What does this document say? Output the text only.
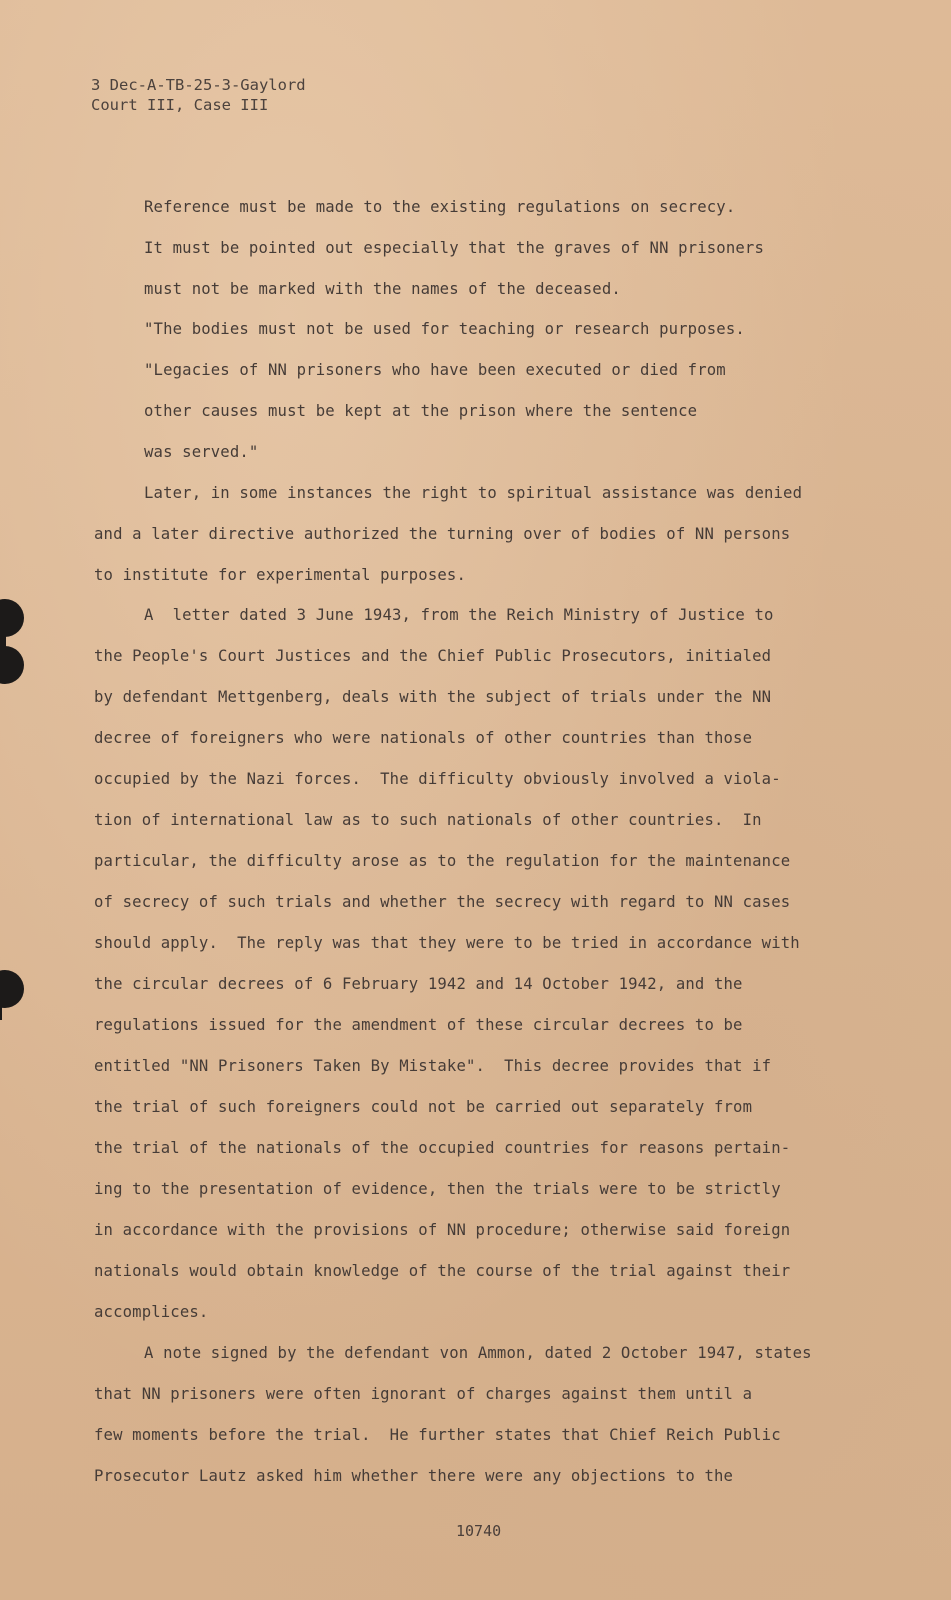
3 Dec-A-TB-25-3-Gaylord
Court III, Case III
Reference must be made to the existing regulations on secrecy.
It must be pointed out especially that the graves of NN prisoners
must not be marked with the names of the deceased.
"The bodies must not be used for teaching or research purposes.
"Legacies of NN prisoners who have been executed or died from
other causes must be kept at the prison where the sentence
was served."
Later, in some instances the right to spiritual assistance was denied
and a later directive authorized the turning over of bodies of NN persons
to institute for experimental purposes.
A  letter dated 3 June 1943, from the Reich Ministry of Justice to
the People's Court Justices and the Chief Public Prosecutors, initialed
by defendant Mettgenberg, deals with the subject of trials under the NN
decree of foreigners who were nationals of other countries than those
occupied by the Nazi forces.  The difficulty obviously involved a viola-
tion of international law as to such nationals of other countries.  In
particular, the difficulty arose as to the regulation for the maintenance
of secrecy of such trials and whether the secrecy with regard to NN cases
should apply.  The reply was that they were to be tried in accordance with
the circular decrees of 6 February 1942 and 14 October 1942, and the
regulations issued for the amendment of these circular decrees to be
entitled "NN Prisoners Taken By Mistake".  This decree provides that if
the trial of such foreigners could not be carried out separately from
the trial of the nationals of the occupied countries for reasons pertain-
ing to the presentation of evidence, then the trials were to be strictly
in accordance with the provisions of NN procedure; otherwise said foreign
nationals would obtain knowledge of the course of the trial against their
accomplices.
A note signed by the defendant von Ammon, dated 2 October 1947, states
that NN prisoners were often ignorant of charges against them until a
few moments before the trial.  He further states that Chief Reich Public
Prosecutor Lautz asked him whether there were any objections to the
10740
